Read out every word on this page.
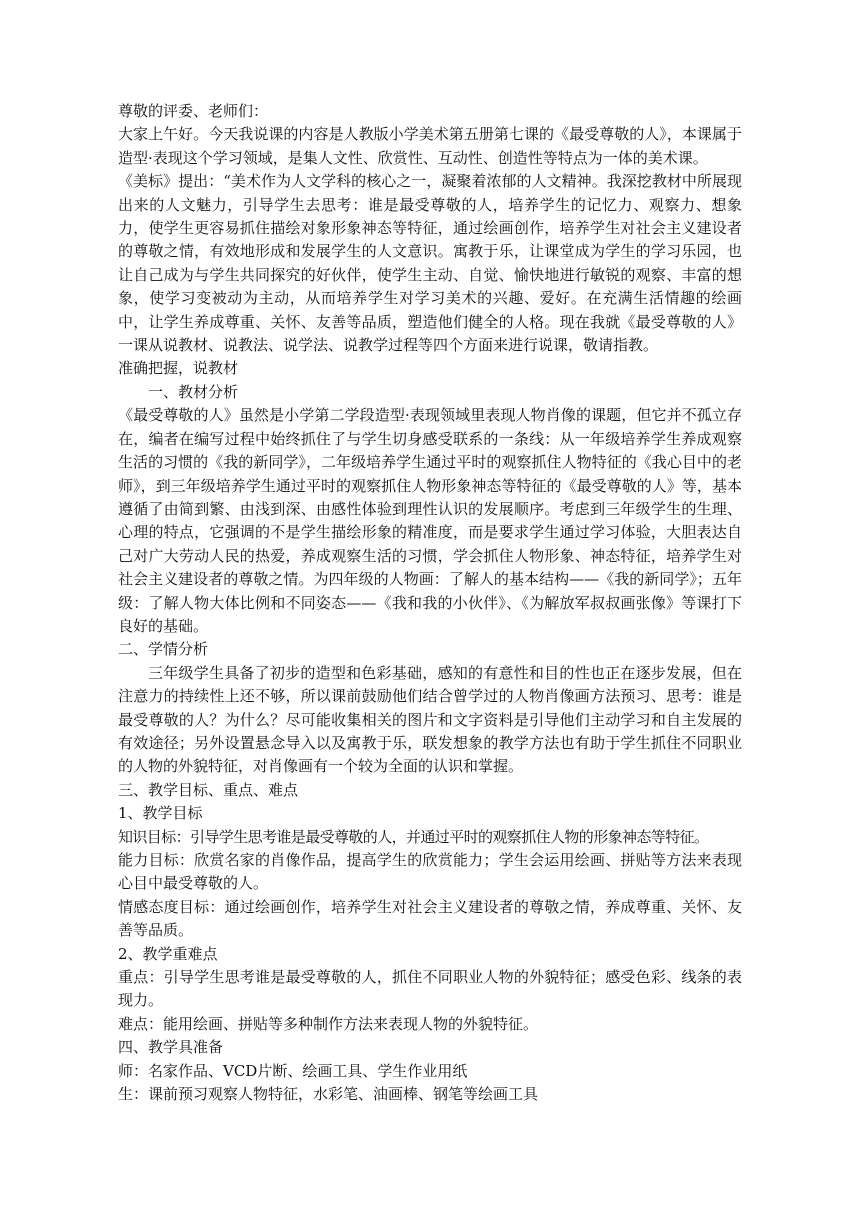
尊敬的评委、老师们：

大家上午好。今天我说课的内容是人教版小学美术第五册第七课的《最受尊敬的人》，本课属于造型·表现这个学习领域，是集人文性、欣赏性、互动性、创造性等特点为一体的美术课。

《美标》提出：“美术作为人文学科的核心之一，凝聚着浓郁的人文精神。我深挖教材中所展现出来的人文魅力，引导学生去思考：谁是最受尊敬的人，培养学生的记忆力、观察力、想象力，使学生更容易抓住描绘对象形象神态等特征，通过绘画创作，培养学生对社会主义建设者的尊敬之情，有效地形成和发展学生的人文意识。寓教于乐，让课堂成为学生的学习乐园，也让自己成为与学生共同探究的好伙伴，使学生主动、自觉、愉快地进行敏锐的观察、丰富的想象，使学习变被动为主动，从而培养学生对学习美术的兴趣、爱好。在充满生活情趣的绘画中，让学生养成尊重、关怀、友善等品质，塑造他们健全的人格。现在我就《最受尊敬的人》一课从说教材、说教法、说学法、说教学过程等四个方面来进行说课，敬请指教。

准确把握，说教材

一、教材分析

《最受尊敬的人》虽然是小学第二学段造型·表现领域里表现人物肖像的课题，但它并不孤立存在，编者在编写过程中始终抓住了与学生切身感受联系的一条线：从一年级培养学生养成观察生活的习惯的《我的新同学》，二年级培养学生通过平时的观察抓住人物特征的《我心目中的老师》，到三年级培养学生通过平时的观察抓住人物形象神态等特征的《最受尊敬的人》等，基本遵循了由简到繁、由浅到深、由感性体验到理性认识的发展顺序。考虑到三年级学生的生理、心理的特点，它强调的不是学生描绘形象的精准度，而是要求学生通过学习体验，大胆表达自己对广大劳动人民的热爱，养成观察生活的习惯，学会抓住人物形象、神态特征，培养学生对社会主义建设者的尊敬之情。为四年级的人物画：了解人的基本结构——《我的新同学》；五年级：了解人物大体比例和不同姿态——《我和我的小伙伴》、《为解放军叔叔画张像》等课打下良好的基础。

二、学情分析

三年级学生具备了初步的造型和色彩基础，感知的有意性和目的性也正在逐步发展，但在注意力的持续性上还不够，所以课前鼓励他们结合曾学过的人物肖像画方法预习、思考：谁是最受尊敬的人？为什么？尽可能收集相关的图片和文字资料是引导他们主动学习和自主发展的有效途径；另外设置悬念导入以及寓教于乐，联发想象的教学方法也有助于学生抓住不同职业的人物的外貌特征，对肖像画有一个较为全面的认识和掌握。

三、教学目标、重点、难点

1、教学目标

知识目标：引导学生思考谁是最受尊敬的人，并通过平时的观察抓住人物的形象神态等特征。

能力目标：欣赏名家的肖像作品，提高学生的欣赏能力；学生会运用绘画、拼贴等方法来表现心目中最受尊敬的人。

情感态度目标：通过绘画创作，培养学生对社会主义建设者的尊敬之情，养成尊重、关怀、友善等品质。

2、教学重难点

重点：引导学生思考谁是最受尊敬的人，抓住不同职业人物的外貌特征；感受色彩、线条的表现力。

难点：能用绘画、拼贴等多种制作方法来表现人物的外貌特征。

四、教学具准备

师：名家作品、VCD片断、绘画工具、学生作业用纸

生：课前预习观察人物特征，水彩笔、油画棒、钢笔等绘画工具
